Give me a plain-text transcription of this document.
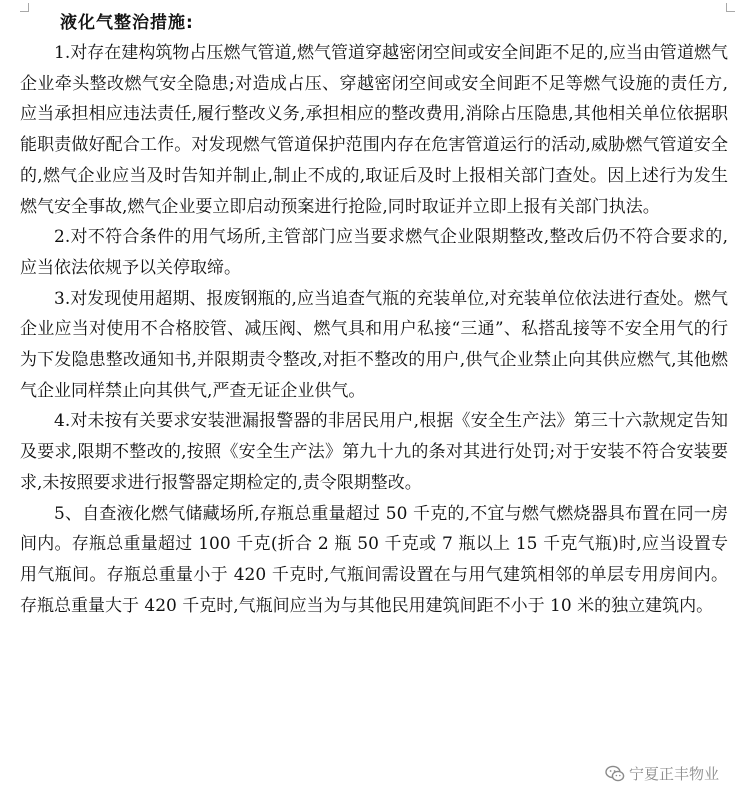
液化气整治措施:

1.对存在建构筑物占压燃气管道,燃气管道穿越密闭空间或安全间距不足的,应当由管道燃气企业牵头整改燃气安全隐患;对造成占压、穿越密闭空间或安全间距不足等燃气设施的责任方,应当承担相应违法责任,履行整改义务,承担相应的整改费用,消除占压隐患,其他相关单位依据职能职责做好配合工作。对发现燃气管道保护范围内存在危害管道运行的活动,威胁燃气管道安全的,燃气企业应当及时告知并制止,制止不成的,取证后及时上报相关部门查处。因上述行为发生燃气安全事故,燃气企业要立即启动预案进行抢险,同时取证并立即上报有关部门执法。

2.对不符合条件的用气场所,主管部门应当要求燃气企业限期整改,整改后仍不符合要求的,应当依法依规予以关停取缔。

3.对发现使用超期、报废钢瓶的,应当追查气瓶的充装单位,对充装单位依法进行查处。燃气企业应当对使用不合格胶管、减压阀、燃气具和用户私接“三通”、私搭乱接等不安全用气的行为下发隐患整改通知书,并限期责令整改,对拒不整改的用户,供气企业禁止向其供应燃气,其他燃气企业同样禁止向其供气,严查无证企业供气。

4.对未按有关要求安装泄漏报警器的非居民用户,根据《安全生产法》第三十六款规定告知及要求,限期不整改的,按照《安全生产法》第九十九的条对其进行处罚;对于安装不符合安装要求,未按照要求进行报警器定期检定的,责令限期整改。

5、自查液化燃气储藏场所,存瓶总重量超过 50 千克的,不宜与燃气燃烧器具布置在同一房间内。存瓶总重量超过 100 千克(折合 2 瓶 50 千克或 7 瓶以上 15 千克气瓶)时,应当设置专用气瓶间。存瓶总重量小于 420 千克时,气瓶间需设置在与用气建筑相邻的单层专用房间内。存瓶总重量大于 420 千克时,气瓶间应当为与其他民用建筑间距不小于 10 米的独立建筑内。

宁夏正丰物业
